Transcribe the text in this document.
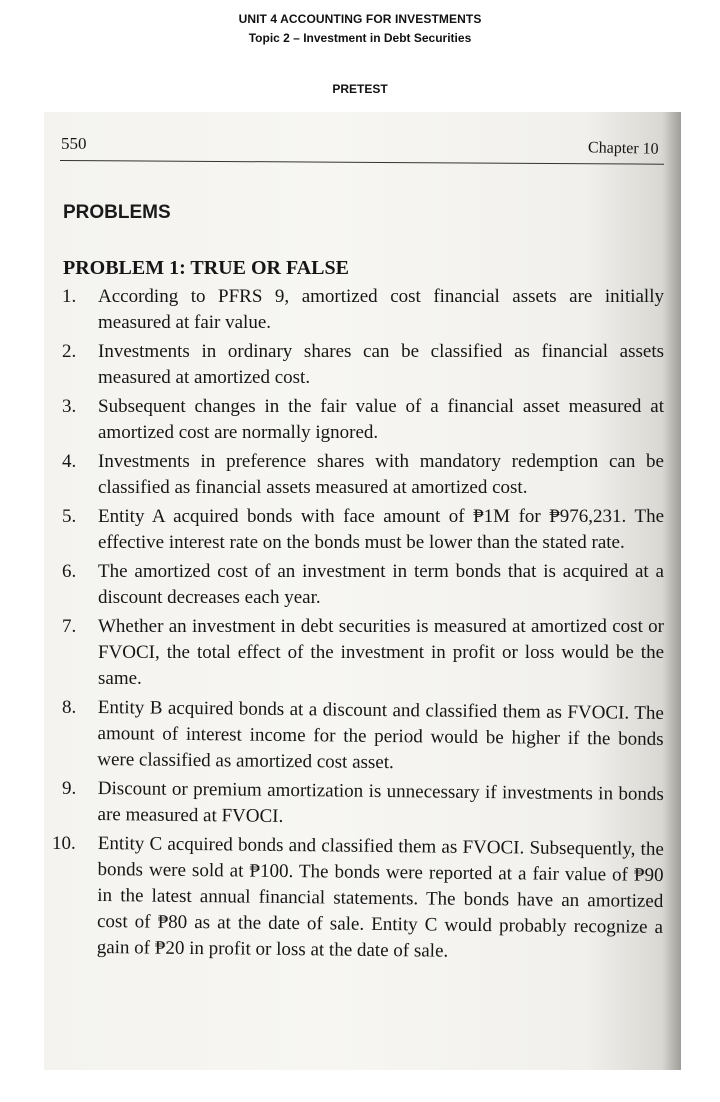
UNIT 4 ACCOUNTING FOR INVESTMENTS
Topic 2 – Investment in Debt Securities
PRETEST
550	Chapter 10
PROBLEMS
PROBLEM 1: TRUE OR FALSE
1.	According to PFRS 9, amortized cost financial assets are initially measured at fair value.
2.	Investments in ordinary shares can be classified as financial assets measured at amortized cost.
3.	Subsequent changes in the fair value of a financial asset measured at amortized cost are normally ignored.
4.	Investments in preference shares with mandatory redemption can be classified as financial assets measured at amortized cost.
5.	Entity A acquired bonds with face amount of ₱1M for ₱976,231. The effective interest rate on the bonds must be lower than the stated rate.
6.	The amortized cost of an investment in term bonds that is acquired at a discount decreases each year.
7.	Whether an investment in debt securities is measured at amortized cost or FVOCI, the total effect of the investment in profit or loss would be the same.
8.	Entity B acquired bonds at a discount and classified them as FVOCI. The amount of interest income for the period would be higher if the bonds were classified as amortized cost asset.
9.	Discount or premium amortization is unnecessary if investments in bonds are measured at FVOCI.
10.	Entity C acquired bonds and classified them as FVOCI. Subsequently, the bonds were sold at ₱100. The bonds were reported at a fair value of ₱90 in the latest annual financial statements. The bonds have an amortized cost of ₱80 as at the date of sale. Entity C would probably recognize a gain of ₱20 in profit or loss at the date of sale.
